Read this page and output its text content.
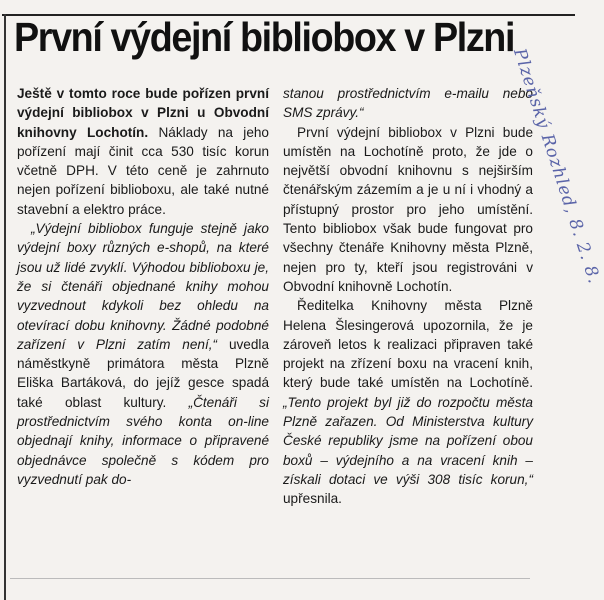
První výdejní bibliobox v Plzni

Ještě v tomto roce bude pořízen první výdejní bibliobox v Plzni u Obvodní knihovny Lochotín. Náklady na jeho pořízení mají činit cca 530 tisíc korun včetně DPH. V této ceně je zahrnuto nejen pořízení biblioboxu, ale také nutné stavební a elektro práce.

„Výdejní bibliobox funguje stejně jako výdejní boxy různých e-shopů, na které jsou už lidé zvyklí. Výhodou biblioboxu je, že si čtenáři objednané knihy mohou vyzvednout kdykoli bez ohledu na otevírací dobu knihovny. Žádné podobné zařízení v Plzni zatím není,“ uvedla náměstkyně primátora města Plzně Eliška Bartáková, do jejíž gesce spadá také oblast kultury. „Čtenáři si prostřednictvím svého konta on-line objednají knihy, informace o připravené objednávce společně s kódem pro vyzvednutí pak do-

stanou prostřednictvím e-mailu nebo SMS zprávy.“

První výdejní bibliobox v Plzni bude umístěn na Lochotíně proto, že jde o největší obvodní knihovnu s nejširším čtenářským zázemím a je u ní i vhodný a přístupný prostor pro jeho umístění. Tento bibliobox však bude fungovat pro všechny čtenáře Knihovny města Plzně, nejen pro ty, kteří jsou registrováni v Obvodní knihovně Lochotín.

Ředitelka Knihovny města Plzně Helena Šlesingerová upozornila, že je zároveň letos k realizaci připraven také projekt na zřízení boxu na vracení knih, který bude také umístěn na Lochotíně. „Tento projekt byl již do rozpočtu města Plzně zařazen. Od Ministerstva kultury České republiky jsme na pořízení obou boxů – výdejního a na vracení knih – získali dotaci ve výši 308 tisíc korun,“ upřesnila.

Plzeňský Rozhled, 8. 2. 8.
